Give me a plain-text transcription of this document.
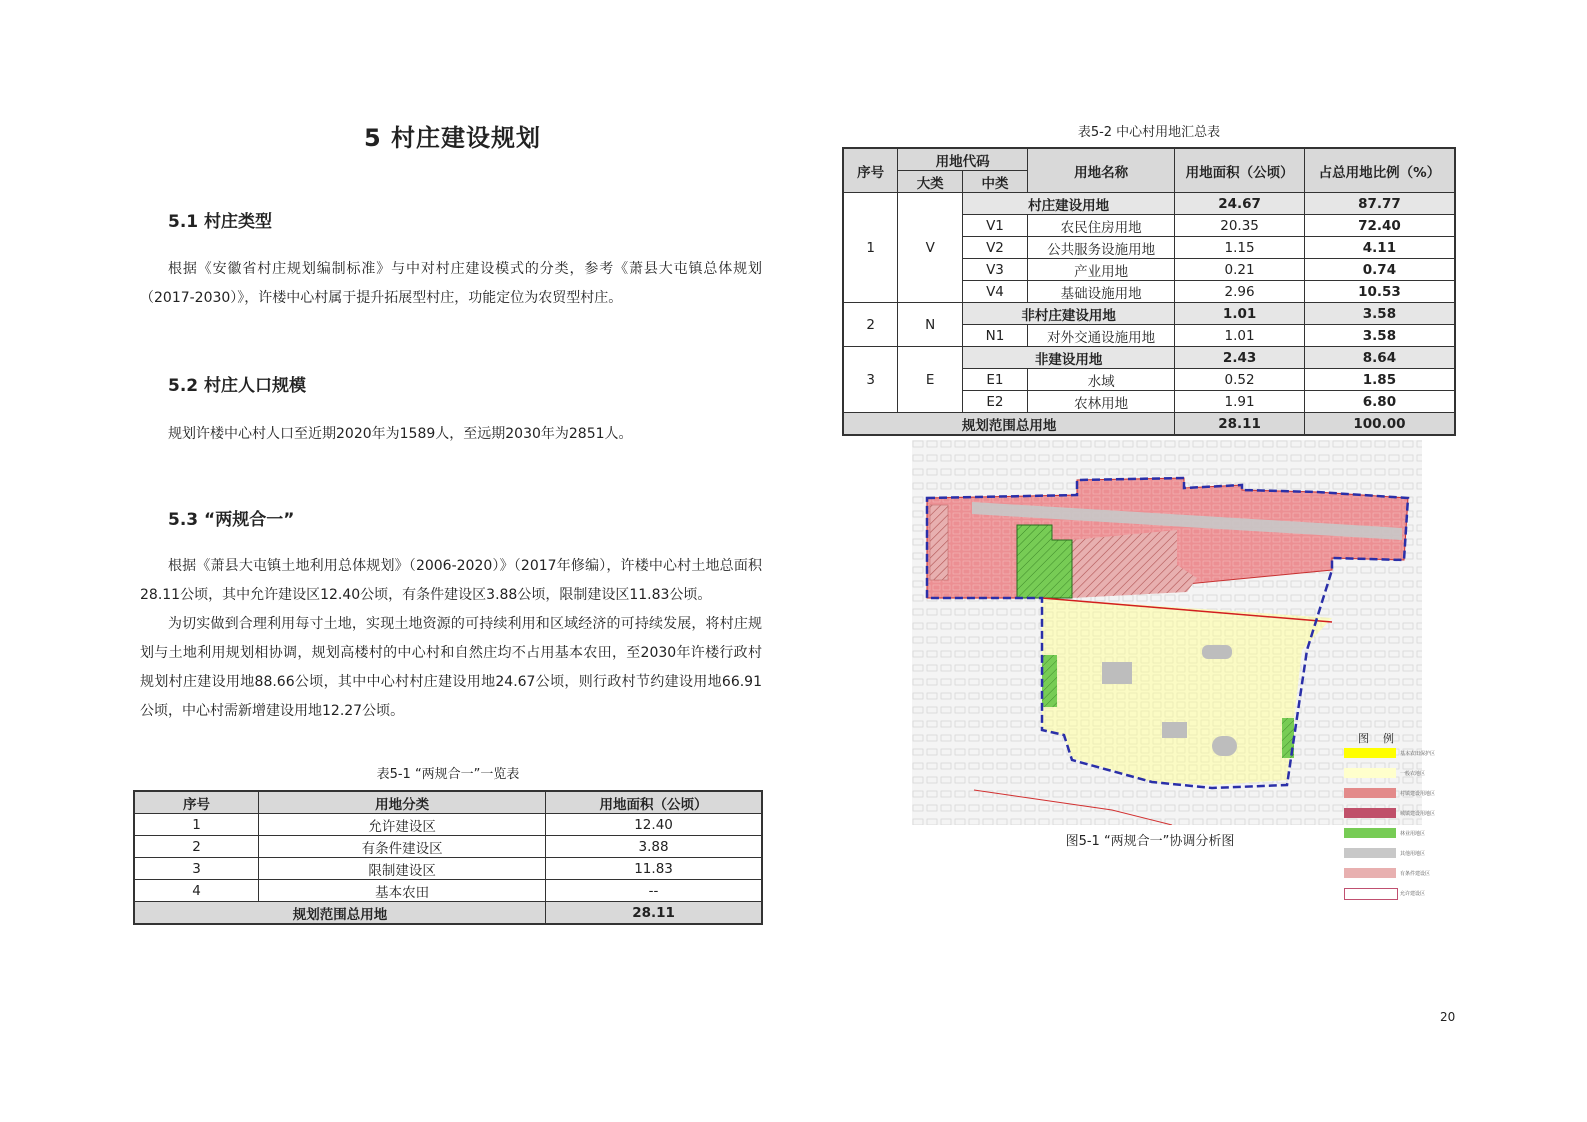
5 村庄建设规划
5.1 村庄类型

根据《安徽省村庄规划编制标准》与中对村庄建设模式的分类，参考《萧县大屯镇总体规划（2017-2030）》，许楼中心村属于提升拓展型村庄，功能定位为农贸型村庄。

5.2 村庄人口规模

规划许楼中心村人口至近期2020年为1589人，至远期2030年为2851人。

5.3 “两规合一”

根据《萧县大屯镇土地利用总体规划》（2006-2020）》（2017年修编），许楼中心村土地总面积28.11公顷，其中允许建设区12.40公顷，有条件建设区3.88公顷，限制建设区11.83公顷。

为切实做到合理利用每寸土地，实现土地资源的可持续利用和区域经济的可持续发展，将村庄规划与土地利用规划相协调，规划高楼村的中心村和自然庄均不占用基本农田，至2030年许楼行政村规划村庄建设用地88.66公顷，其中中心村村庄建设用地24.67公顷，则行政村节约建设用地66.91公顷，中心村需新增建设用地12.27公顷。

表5-1 “两规合一”一览表
序号	用地分类	用地面积（公顷）
1	允许建设区	12.40
2	有条件建设区	3.88
3	限制建设区	11.83
4	基本农田	--
规划范围总用地		28.11
表5-2 中心村用地汇总表
序号	用地代码		用地名称	用地面积（公顷）	占总用地比例（%）
	大类	中类			
1	V	村庄建设用地		24.67	87.77
		V1	农民住房用地	20.35	72.40
		V2	公共服务设施用地	1.15	4.11
		V3	产业用地	0.21	0.74
		V4	基础设施用地	2.96	10.53
2	N	非村庄建设用地		1.01	3.58
		N1	对外交通设施用地	1.01	3.58
3	E	非建设用地		2.43	8.64
		E1	水域	0.52	1.85
		E2	农林用地	1.91	6.80
规划范围总用地				28.11	100.00
图例
基本农田保护区
一般农地区
村镇建设用地区
城镇建设用地区
林业用地区
其他用地区
有条件建设区
允许建设区
图5-1 “两规合一”协调分析图
20
